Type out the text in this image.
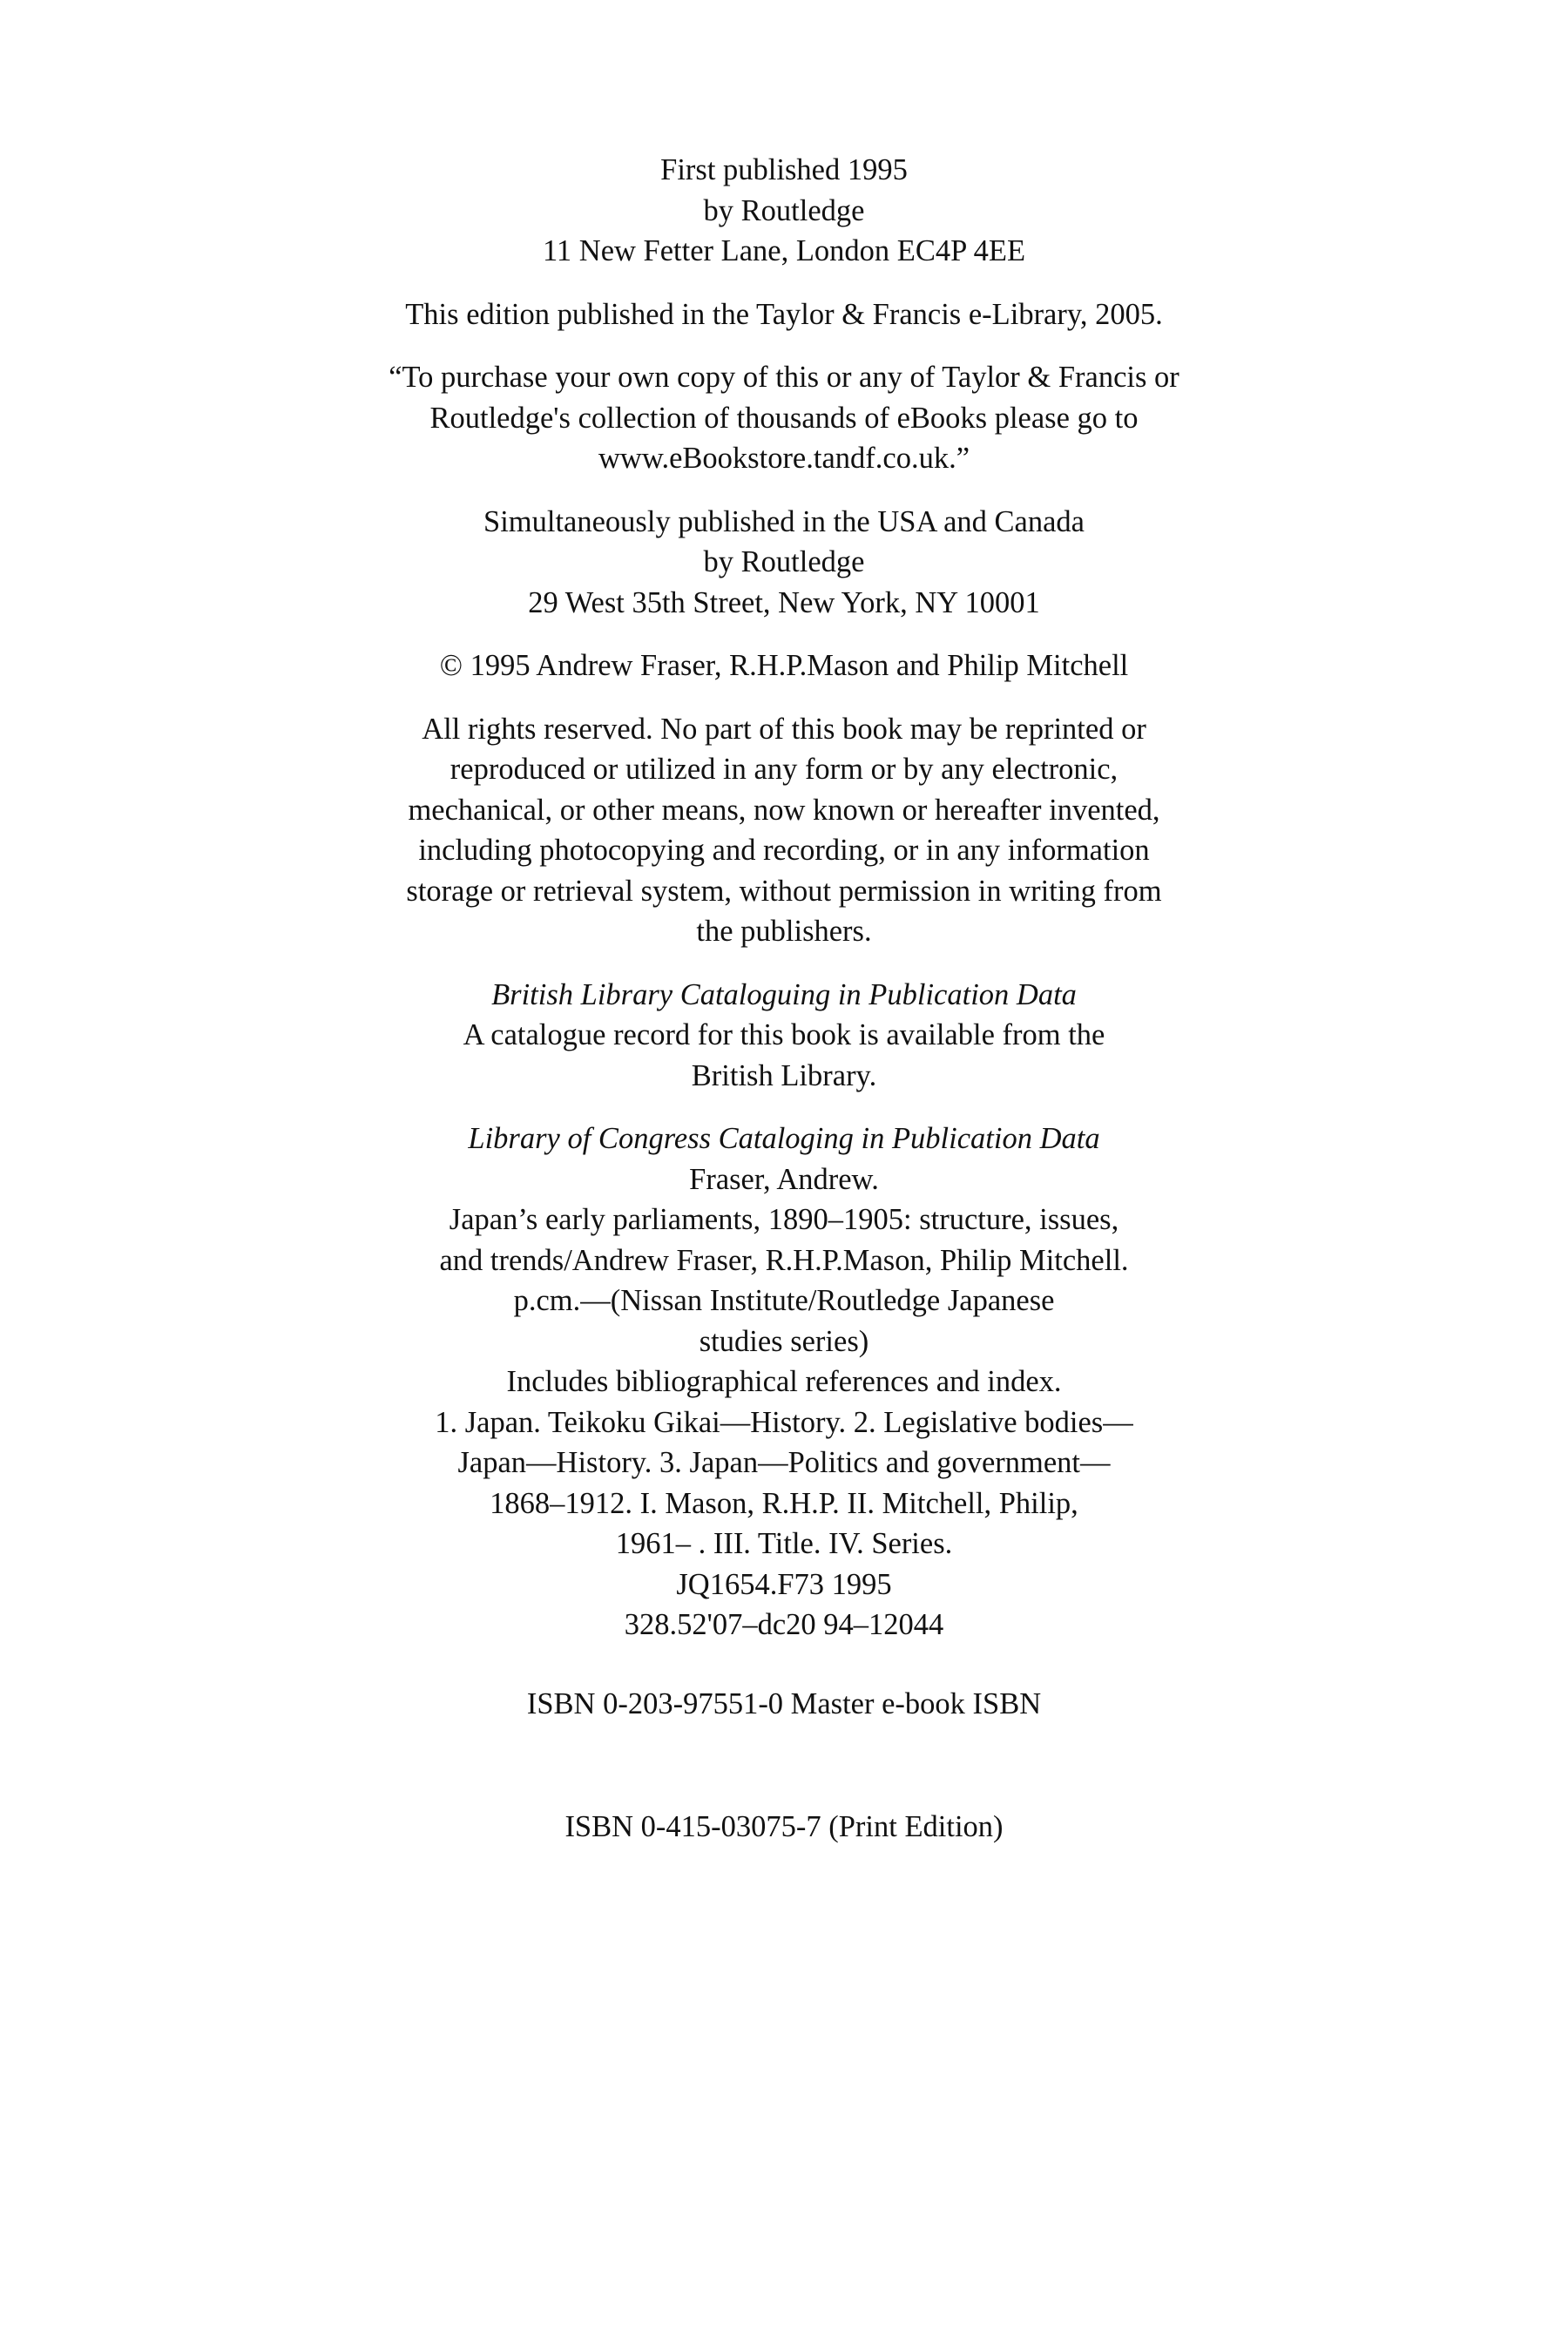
First published 1995
by Routledge
11 New Fetter Lane, London EC4P 4EE
This edition published in the Taylor & Francis e-Library, 2005.
“To purchase your own copy of this or any of Taylor & Francis or
Routledge's collection of thousands of eBooks please go to
www.eBookstore.tandf.co.uk.”
Simultaneously published in the USA and Canada
by Routledge
29 West 35th Street, New York, NY 10001
© 1995 Andrew Fraser, R.H.P.Mason and Philip Mitchell
All rights reserved. No part of this book may be reprinted or
reproduced or utilized in any form or by any electronic,
mechanical, or other means, now known or hereafter invented,
including photocopying and recording, or in any information
storage or retrieval system, without permission in writing from
the publishers.
British Library Cataloguing in Publication Data
A catalogue record for this book is available from the
British Library.
Library of Congress Cataloging in Publication Data
Fraser, Andrew.
Japan’s early parliaments, 1890–1905: structure, issues,
and trends/Andrew Fraser, R.H.P.Mason, Philip Mitchell.
p.cm.—(Nissan Institute/Routledge Japanese
studies series)
Includes bibliographical references and index.
1. Japan. Teikoku Gikai—History. 2. Legislative bodies—
Japan—History. 3. Japan—Politics and government—
1868–1912. I. Mason, R.H.P. II. Mitchell, Philip,
1961– . III. Title. IV. Series.
JQ1654.F73 1995
328.52'07–dc20 94–12044
ISBN 0-203-97551-0 Master e-book ISBN
ISBN 0-415-03075-7 (Print Edition)
